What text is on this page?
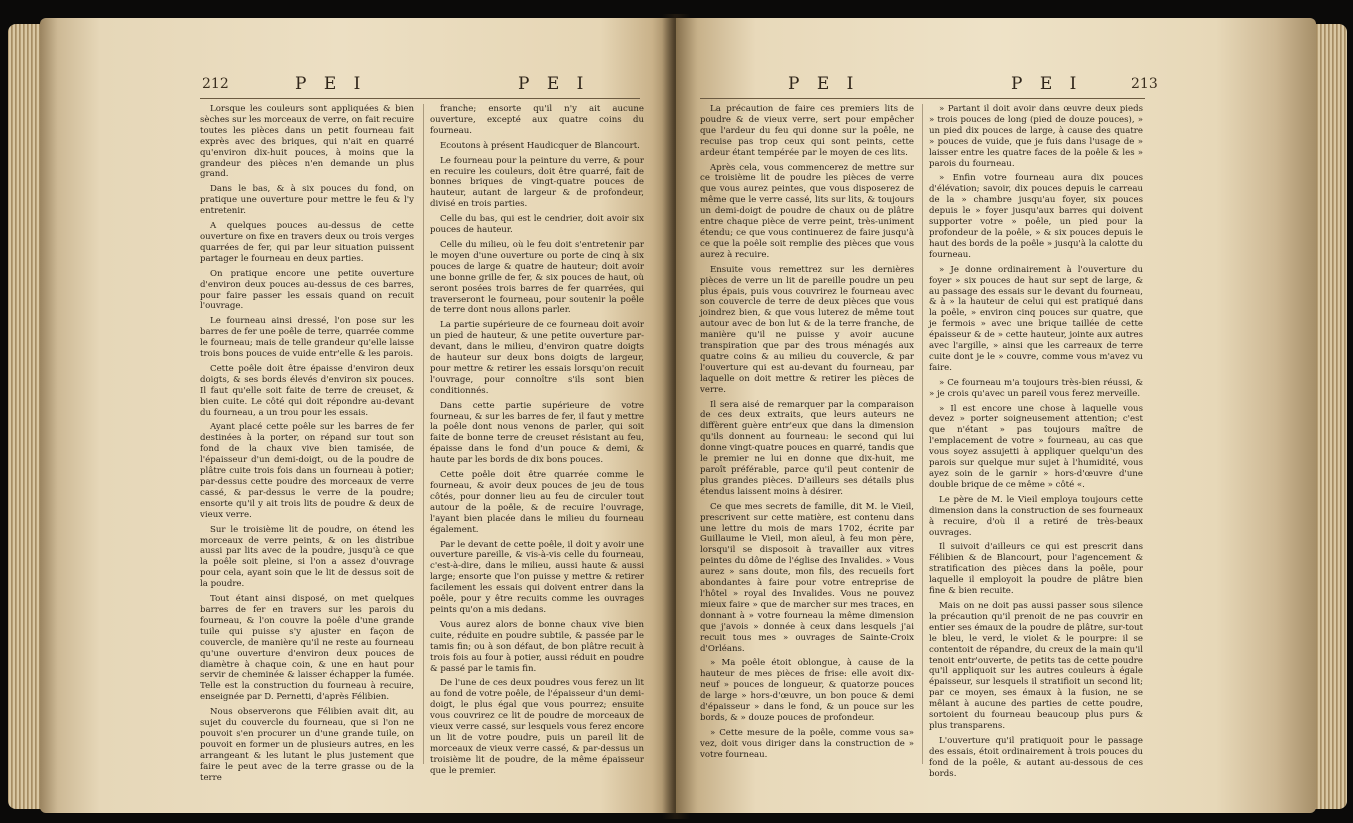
212	P E I	P E I

Lorsque les couleurs sont appliquées & bien sèches sur les morceaux de verre, on fait recuire toutes les pièces dans un petit fourneau fait exprès avec des briques, qui n'ait en quarré qu'environ dix-huit pouces, à moins que la grandeur des pièces n'en demande un plus grand.

Dans le bas, & à six pouces du fond, on pratique une ouverture pour mettre le feu & l'y entretenir.

A quelques pouces au-dessus de cette ouverture on fixe en travers deux ou trois verges quarrées de fer, qui par leur situation puissent partager le fourneau en deux parties.

On pratique encore une petite ouverture d'environ deux pouces au-dessus de ces barres, pour faire passer les essais quand on recuit l'ouvrage.

Le fourneau ainsi dressé, l'on pose sur les barres de fer une poêle de terre, quarrée comme le fourneau; mais de telle grandeur qu'elle laisse trois bons pouces de vuide entr'elle & les parois.

Cette poêle doit être épaisse d'environ deux doigts, & ses bords élevés d'environ six pouces. Il faut qu'elle soit faite de terre de creuset, & bien cuite. Le côté qui doit répondre au-devant du fourneau, a un trou pour les essais.

Ayant placé cette poêle sur les barres de fer destinées à la porter, on répand sur tout son fond de la chaux vive bien tamisée, de l'épaisseur d'un demi-doigt, ou de la poudre de plâtre cuite trois fois dans un fourneau à potier; par-dessus cette poudre des morceaux de verre cassé, & par-dessus le verre de la poudre; ensorte qu'il y ait trois lits de poudre & deux de vieux verre.

Sur le troisième lit de poudre, on étend les morceaux de verre peints, & on les distribue aussi par lits avec de la poudre, jusqu'à ce que la poêle soit pleine, si l'on a assez d'ouvrage pour cela, ayant soin que le lit de dessus soit de la poudre.

Tout étant ainsi disposé, on met quelques barres de fer en travers sur les parois du fourneau, & l'on couvre la poêle d'une grande tuile qui puisse s'y ajuster en façon de couvercle, de manière qu'il ne reste au fourneau qu'une ouverture d'environ deux pouces de diamètre à chaque coin, & une en haut pour servir de cheminée & laisser échapper la fumée. Telle est la construction du fourneau à recuire, enseignée par D. Pernetti, d'après Félibien.

Nous observerons que Félibien avait dit, au sujet du couvercle du fourneau, que si l'on ne pouvoit s'en procurer un d'une grande tuile, on pouvoit en former un de plusieurs autres, en les arrangeant & les lutant le plus justement que faire le peut avec de la terre grasse ou de la terre

franche; ensorte qu'il n'y ait aucune ouverture, excepté aux quatre coins du fourneau.

Ecoutons à présent Haudicquer de Blancourt.

Le fourneau pour la peinture du verre, & pour en recuire les couleurs, doit être quarré, fait de bonnes briques de vingt-quatre pouces de hauteur, autant de largeur & de profondeur, divisé en trois parties.

Celle du bas, qui est le cendrier, doit avoir six pouces de hauteur.

Celle du milieu, où le feu doit s'entretenir par le moyen d'une ouverture ou porte de cinq à six pouces de large & quatre de hauteur; doit avoir une bonne grille de fer, & six pouces de haut, où seront posées trois barres de fer quarrées, qui traverseront le fourneau, pour soutenir la poêle de terre dont nous allons parler.

La partie supérieure de ce fourneau doit avoir un pied de hauteur, & une petite ouverture par-devant, dans le milieu, d'environ quatre doigts de hauteur sur deux bons doigts de largeur, pour mettre & retirer les essais lorsqu'on recuit l'ouvrage, pour connoître s'ils sont bien conditionnés.

Dans cette partie supérieure de votre fourneau, & sur les barres de fer, il faut y mettre la poêle dont nous venons de parler, qui soit faite de bonne terre de creuset résistant au feu, épaisse dans le fond d'un pouce & demi, & haute par les bords de dix bons pouces.

Cette poêle doit être quarrée comme le fourneau, & avoir deux pouces de jeu de tous côtés, pour donner lieu au feu de circuler tout autour de la poêle, & de recuire l'ouvrage, l'ayant bien placée dans le milieu du fourneau également.

Par le devant de cette poêle, il doit y avoir une ouverture pareille, & vis-à-vis celle du fourneau, c'est-à-dire, dans le milieu, aussi haute & aussi large; ensorte que l'on puisse y mettre & retirer facilement les essais qui doivent entrer dans la poêle, pour y être recuits comme les ouvrages peints qu'on a mis dedans.

Vous aurez alors de bonne chaux vive bien cuite, réduite en poudre subtile, & passée par le tamis fin; ou à son défaut, de bon plâtre recuit à trois fois au four à potier, aussi réduit en poudre & passé par le tamis fin.

De l'une de ces deux poudres vous ferez un lit au fond de votre poêle, de l'épaisseur d'un demi-doigt, le plus égal que vous pourrez; ensuite vous couvrirez ce lit de poudre de morceaux de vieux verre cassé, sur lesquels vous ferez encore un lit de votre poudre, puis un pareil lit de morceaux de vieux verre cassé, & par-dessus un troisième lit de poudre, de la même épaisseur que le premier.

P E I	P E I	213

La précaution de faire ces premiers lits de poudre & de vieux verre, sert pour empêcher que l'ardeur du feu qui donne sur la poêle, ne recuise pas trop ceux qui sont peints, cette ardeur étant tempérée par le moyen de ces lits.

Après cela, vous commencerez de mettre sur ce troisième lit de poudre les pièces de verre que vous aurez peintes, que vous disposerez de même que le verre cassé, lits sur lits, & toujours un demi-doigt de poudre de chaux ou de plâtre entre chaque pièce de verre peint, très-uniment étendu; ce que vous continuerez de faire jusqu'à ce que la poêle soit remplie des pièces que vous aurez à recuire.

Ensuite vous remettrez sur les dernières pièces de verre un lit de pareille poudre un peu plus épais, puis vous couvrirez le fourneau avec son couvercle de terre de deux pièces que vous joindrez bien, & que vous luterez de même tout autour avec de bon lut & de la terre franche, de manière qu'il ne puisse y avoir aucune transpiration que par des trous ménagés aux quatre coins & au milieu du couvercle, & par l'ouverture qui est au-devant du fourneau, par laquelle on doit mettre & retirer les pièces de verre.

Il sera aisé de remarquer par la comparaison de ces deux extraits, que leurs auteurs ne diffèrent guère entr'eux que dans la dimension qu'ils donnent au fourneau: le second qui lui donne vingt-quatre pouces en quarré, tandis que le premier ne lui en donne que dix-huit, me paroît préférable, parce qu'il peut contenir de plus grandes pièces. D'ailleurs ses détails plus étendus laissent moins à désirer.

Ce que mes secrets de famille, dit M. le Vieil, prescrivent sur cette matière, est contenu dans une lettre du mois de mars 1702, écrite par Guillaume le Vieil, mon aïeul, à feu mon père, lorsqu'il se disposoit à travailler aux vitres peintes du dôme de l'église des Invalides. » Vous aurez » sans doute, mon fils, des recueils fort abondantes à faire pour votre entreprise de l'hôtel » royal des Invalides. Vous ne pouvez mieux faire » que de marcher sur mes traces, en donnant à » votre fourneau la même dimension que j'avois » donnée à ceux dans lesquels j'ai recuit tous mes » ouvrages de Sainte-Croix d'Orléans.

» Ma poêle étoit oblongue, à cause de la hauteur de mes pièces de frise: elle avoit dix-neuf » pouces de longueur, & quatorze pouces de large » hors-d'œuvre, un bon pouce & demi d'épaisseur » dans le fond, & un pouce sur les bords, & » douze pouces de profondeur.

» Cette mesure de la poêle, comme vous sa» vez, doit vous diriger dans la construction de » votre fourneau.

» Partant il doit avoir dans œuvre deux pieds » trois pouces de long (pied de douze pouces), » un pied dix pouces de large, à cause des quatre » pouces de vuide, que je fuis dans l'usage de » laisser entre les quatre faces de la poêle & les » parois du fourneau.

» Enfin votre fourneau aura dix pouces d'élévation; savoir, dix pouces depuis le carreau de la » chambre jusqu'au foyer, six pouces depuis le » foyer jusqu'aux barres qui doivent supporter votre » poêle, un pied pour la profondeur de la poêle, » & six pouces depuis le haut des bords de la poêle » jusqu'à la calotte du fourneau.

» Je donne ordinairement à l'ouverture du foyer » six pouces de haut sur sept de large, & au passage des essais sur le devant du fourneau, & à » la hauteur de celui qui est pratiqué dans la poêle, » environ cinq pouces sur quatre, que je fermois » avec une brique taillée de cette épaisseur & de » cette hauteur, jointe aux autres avec l'argille, » ainsi que les carreaux de terre cuite dont je le » couvre, comme vous m'avez vu faire.

» Ce fourneau m'a toujours très-bien réussi, & » je crois qu'avec un pareil vous ferez merveille.

» Il est encore une chose à laquelle vous devez » porter soigneusement attention; c'est que n'étant » pas toujours maître de l'emplacement de votre » fourneau, au cas que vous soyez assujetti à appliquer quelqu'un des parois sur quelque mur sujet à l'humidité, vous ayez soin de le garnir » hors-d'œuvre d'une double brique de ce même » côté «.

Le père de M. le Vieil employa toujours cette dimension dans la construction de ses fourneaux à recuire, d'où il a retiré de très-beaux ouvrages.

Il suivoit d'ailleurs ce qui est prescrit dans Félibien & de Blancourt, pour l'agencement & stratification des pièces dans la poêle, pour laquelle il employoit la poudre de plâtre bien fine & bien recuite.

Mais on ne doit pas aussi passer sous silence la précaution qu'il prenoit de ne pas couvrir en entier ses émaux de la poudre de plâtre, sur-tout le bleu, le verd, le violet & le pourpre: il se contentoit de répandre, du creux de la main qu'il tenoit entr'ouverte, de petits tas de cette poudre qu'il appliquoit sur les autres couleurs à égale épaisseur, sur lesquels il stratifioit un second lit; par ce moyen, ses émaux à la fusion, ne se mêlant à aucune des parties de cette poudre, sortoient du fourneau beaucoup plus purs & plus transparens.

L'ouverture qu'il pratiquoit pour le passage des essais, étoit ordinairement à trois pouces du fond de la poêle, & autant au-dessous de ces bords.
